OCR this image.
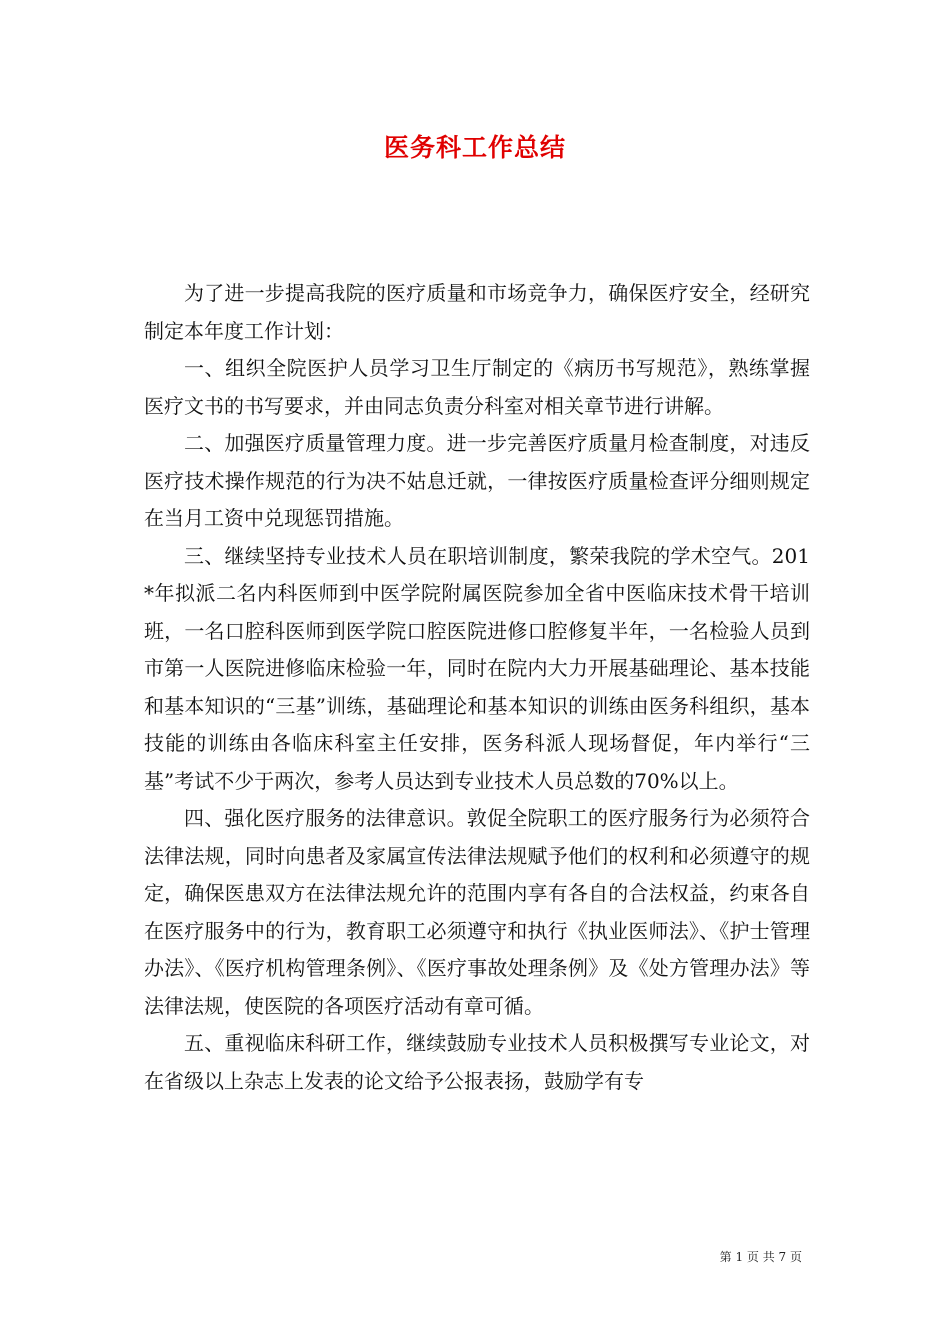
医务科工作总结

为了进一步提高我院的医疗质量和市场竞争力，确保医疗安全，经研究制定本年度工作计划：

一、组织全院医护人员学习卫生厅制定的《病历书写规范》，熟练掌握医疗文书的书写要求，并由同志负责分科室对相关章节进行讲解。

二、加强医疗质量管理力度。进一步完善医疗质量月检查制度，对违反医疗技术操作规范的行为决不姑息迁就，一律按医疗质量检查评分细则规定在当月工资中兑现惩罚措施。

三、继续坚持专业技术人员在职培训制度，繁荣我院的学术空气。201*年拟派二名内科医师到中医学院附属医院参加全省中医临床技术骨干培训班，一名口腔科医师到医学院口腔医院进修口腔修复半年，一名检验人员到市第一人医院进修临床检验一年，同时在院内大力开展基础理论、基本技能和基本知识的“三基”训练，基础理论和基本知识的训练由医务科组织，基本技能的训练由各临床科室主任安排，医务科派人现场督促，年内举行“三基”考试不少于两次，参考人员达到专业技术人员总数的70%以上。

四、强化医疗服务的法律意识。敦促全院职工的医疗服务行为必须符合法律法规，同时向患者及家属宣传法律法规赋予他们的权利和必须遵守的规定，确保医患双方在法律法规允许的范围内享有各自的合法权益，约束各自在医疗服务中的行为，教育职工必须遵守和执行《执业医师法》、《护士管理办法》、《医疗机构管理条例》、《医疗事故处理条例》及《处方管理办法》等法律法规，使医院的各项医疗活动有章可循。

五、重视临床科研工作，继续鼓励专业技术人员积极撰写专业论文，对在省级以上杂志上发表的论文给予公报表扬，鼓励学有专

第 1 页 共 7 页
